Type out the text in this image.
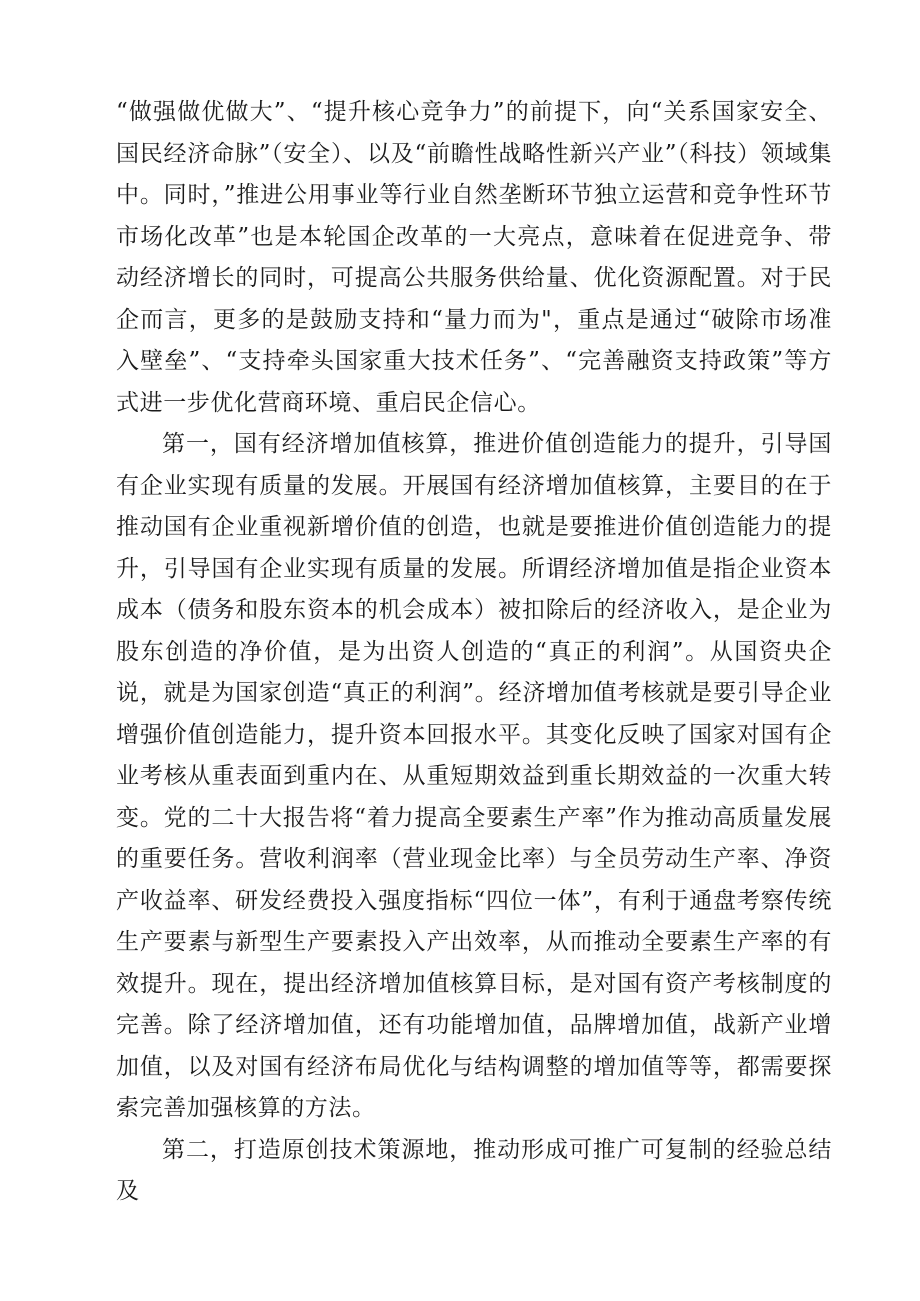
“做强做优做大”、“提升核心竞争力”的前提下，向“关系国家安全、国民经济命脉”（安全）、以及“前瞻性战略性新兴产业”（科技）领域集中。同时，”推进公用事业等行业自然垄断环节独立运营和竞争性环节市场化改革”也是本轮国企改革的一大亮点，意味着在促进竞争、带动经济增长的同时，可提高公共服务供给量、优化资源配置。对于民企而言，更多的是鼓励支持和“量力而为"，重点是通过“破除市场准入壁垒”、“支持牵头国家重大技术任务”、“完善融资支持政策”等方式进一步优化营商环境、重启民企信心。

第一，国有经济增加值核算，推进价值创造能力的提升，引导国有企业实现有质量的发展。开展国有经济增加值核算，主要目的在于推动国有企业重视新增价值的创造，也就是要推进价值创造能力的提升，引导国有企业实现有质量的发展。所谓经济增加值是指企业资本成本（债务和股东资本的机会成本）被扣除后的经济收入，是企业为股东创造的净价值，是为出资人创造的“真正的利润”。从国资央企说，就是为国家创造“真正的利润”。经济增加值考核就是要引导企业增强价值创造能力，提升资本回报水平。其变化反映了国家对国有企业考核从重表面到重内在、从重短期效益到重长期效益的一次重大转变。党的二十大报告将“着力提高全要素生产率”作为推动高质量发展的重要任务。营收利润率（营业现金比率）与全员劳动生产率、净资产收益率、研发经费投入强度指标“四位一体”，有利于通盘考察传统生产要素与新型生产要素投入产出效率，从而推动全要素生产率的有效提升。现在，提出经济增加值核算目标，是对国有资产考核制度的完善。除了经济增加值，还有功能增加值，品牌增加值，战新产业增加值，以及对国有经济布局优化与结构调整的增加值等等，都需要探索完善加强核算的方法。

第二，打造原创技术策源地，推动形成可推广可复制的经验总结及
